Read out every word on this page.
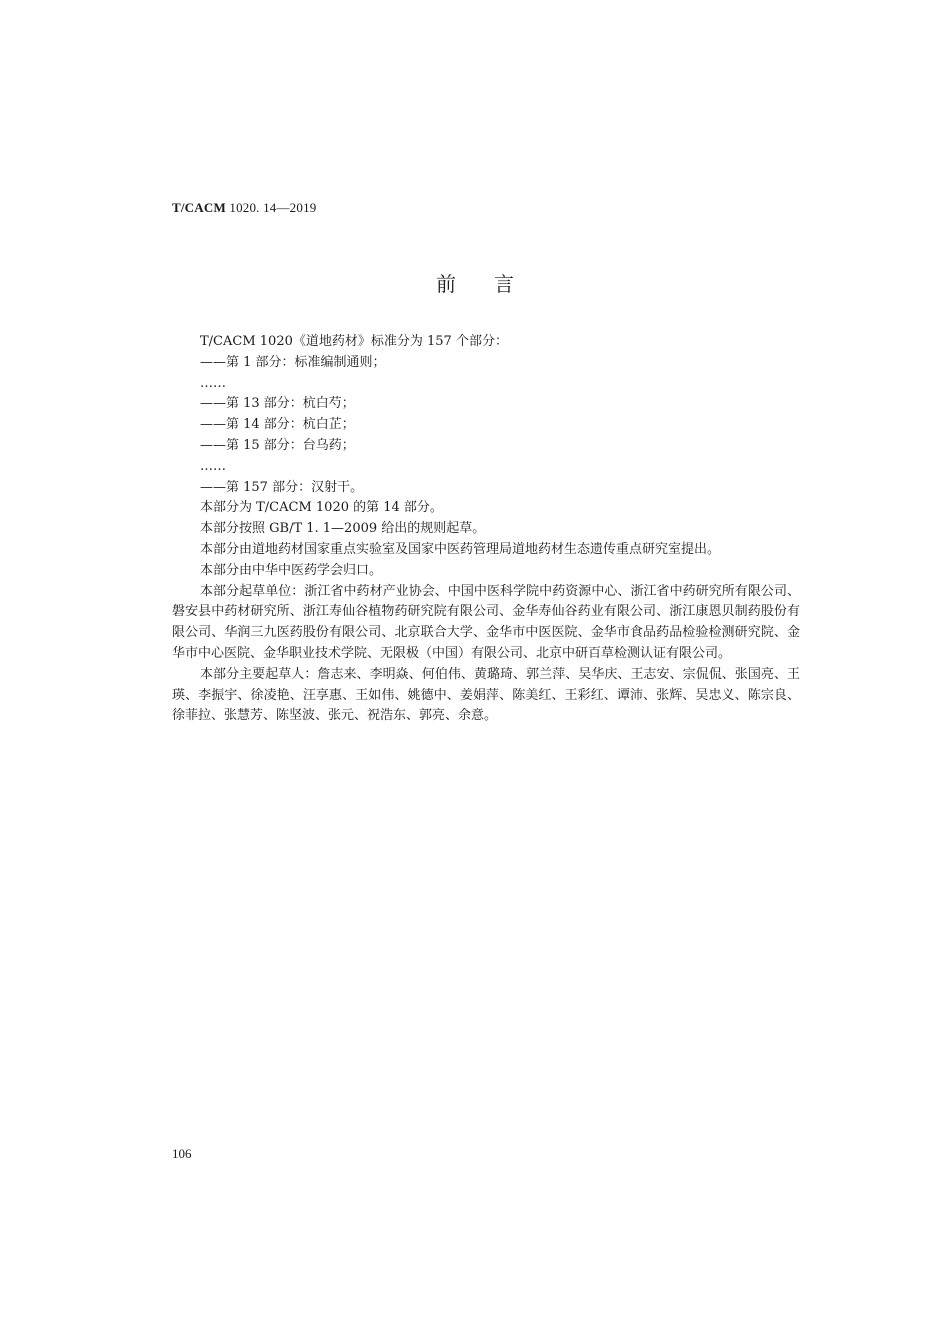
T/CACM 1020. 14—2019
前言

T/CACM 1020《道地药材》标准分为 157 个部分：

——第 1 部分：标准编制通则；

……

——第 13 部分：杭白芍；

——第 14 部分：杭白芷；

——第 15 部分：台乌药；

……

——第 157 部分：汉射干。

本部分为 T/CACM 1020 的第 14 部分。

本部分按照 GB/T 1. 1—2009 给出的规则起草。

本部分由道地药材国家重点实验室及国家中医药管理局道地药材生态遗传重点研究室提出。

本部分由中华中医药学会归口。

本部分起草单位：浙江省中药材产业协会、中国中医科学院中药资源中心、浙江省中药研究所有限公司、磐安县中药材研究所、浙江寿仙谷植物药研究院有限公司、金华寿仙谷药业有限公司、浙江康恩贝制药股份有限公司、华润三九医药股份有限公司、北京联合大学、金华市中医医院、金华市食品药品检验检测研究院、金华市中心医院、金华职业技术学院、无限极（中国）有限公司、北京中研百草检测认证有限公司。

本部分主要起草人：詹志来、李明焱、何伯伟、黄璐琦、郭兰萍、吴华庆、王志安、宗侃侃、张国亮、王瑛、李振宇、徐凌艳、汪享惠、王如伟、姚德中、姜娟萍、陈美红、王彩红、谭沛、张辉、吴忠义、陈宗良、徐菲拉、张慧芳、陈坚波、张元、祝浩东、郭亮、余意。

106
